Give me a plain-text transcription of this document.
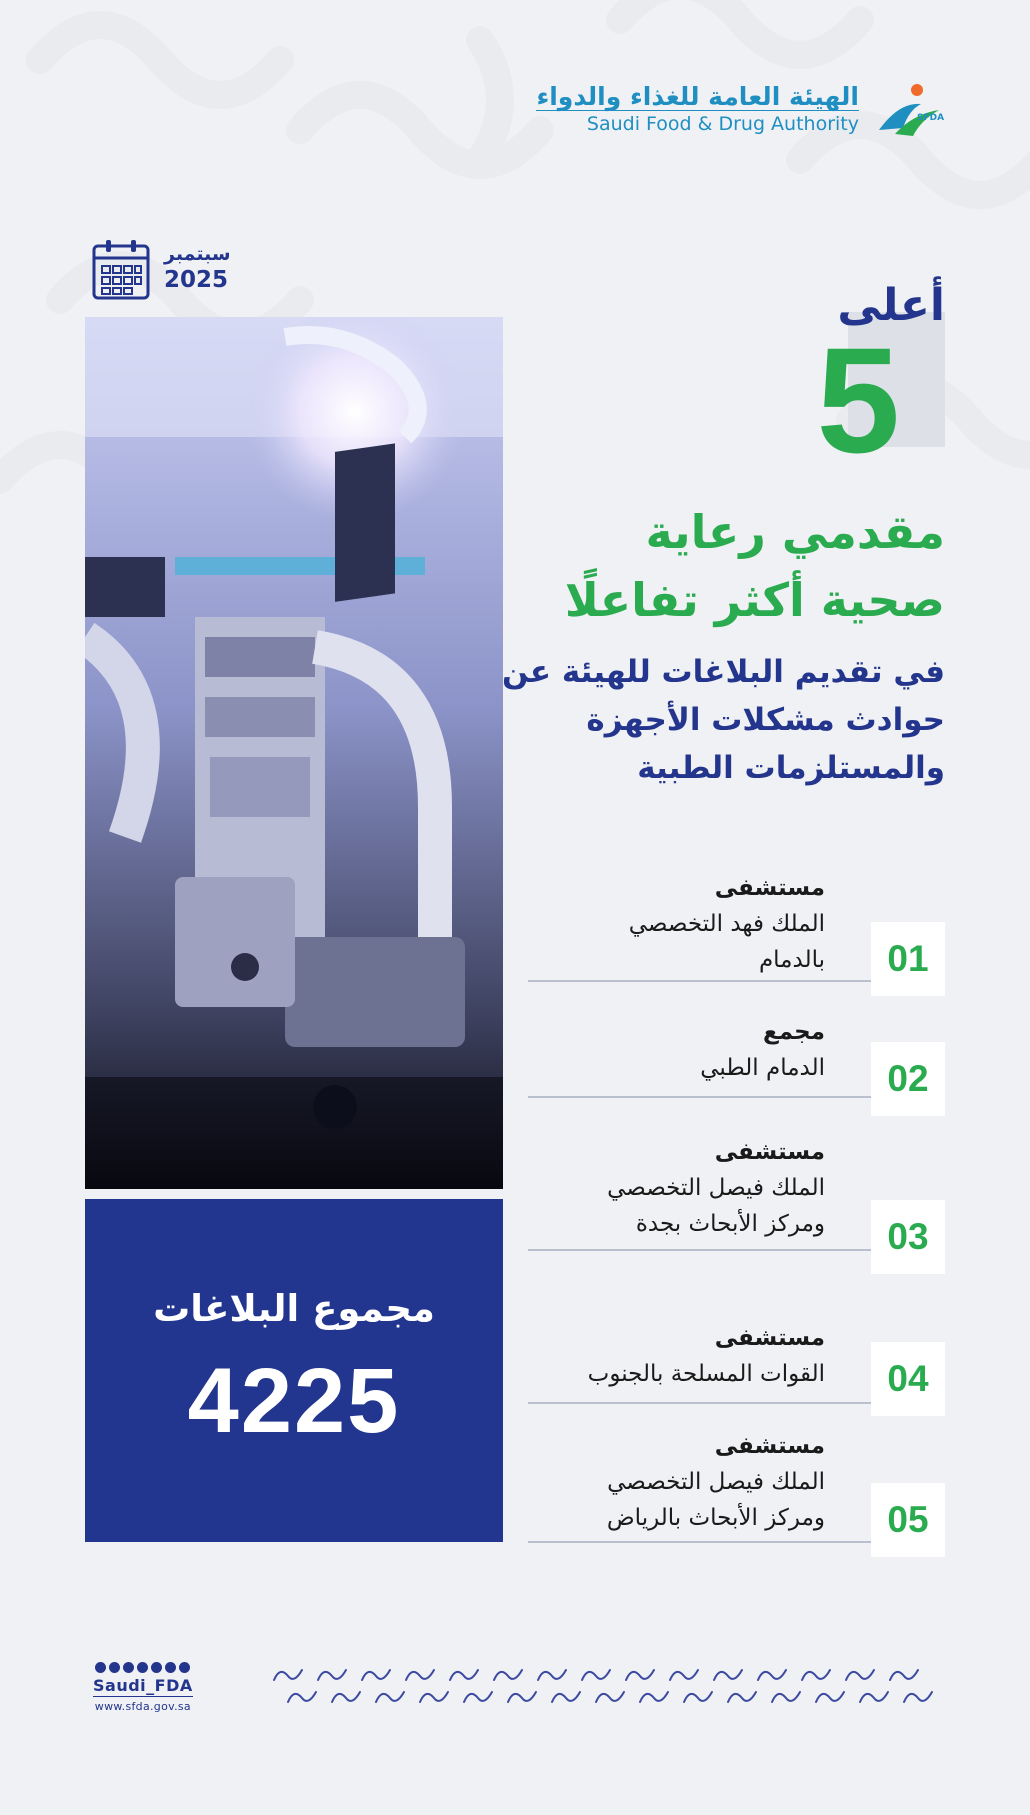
الهيئة العامة للغذاء والدواء
Saudi Food & Drug Authority	SFDA
سبتمبر
2025
مجموع البلاغات
4225
أعلى
5
مقدمي رعاية
صحية أكثر تفاعلًا
في تقديم البلاغات للهيئة عن
حوادث مشكلات الأجهزة
والمستلزمات الطبية
مستشفى
الملك فهد التخصصي
بالدمام	01
مجمع
الدمام الطبي	02
مستشفى
الملك فيصل التخصصي
ومركز الأبحاث بجدة	03
مستشفى
القوات المسلحة بالجنوب	04
مستشفى
الملك فيصل التخصصي
ومركز الأبحاث بالرياض	05
Saudi_FDA
www.sfda.gov.sa
